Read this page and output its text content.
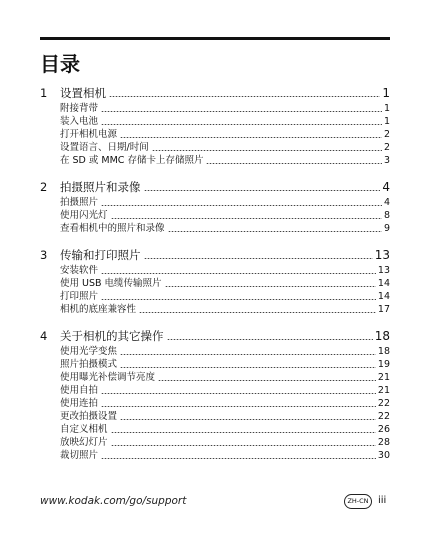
目录
1	设置相机	1
附接背带	1
装入电池	1
打开相机电源	2
设置语言、日期/时间	2
在 SD 或 MMC 存储卡上存储照片	3
2	拍摄照片和录像	4
拍摄照片	4
使用闪光灯	8
查看相机中的照片和录像	9
3	传输和打印照片	13
安装软件	13
使用 USB 电缆传输照片	14
打印照片	14
相机的底座兼容性	17
4	关于相机的其它操作	18
使用光学变焦	18
照片拍摄模式	19
使用曝光补偿调节亮度	21
使用自拍	21
使用连拍	22
更改拍摄设置	22
自定义相机	26
放映幻灯片	28
裁切照片	30
www.kodak.com/go/support	ZH-CN iii
